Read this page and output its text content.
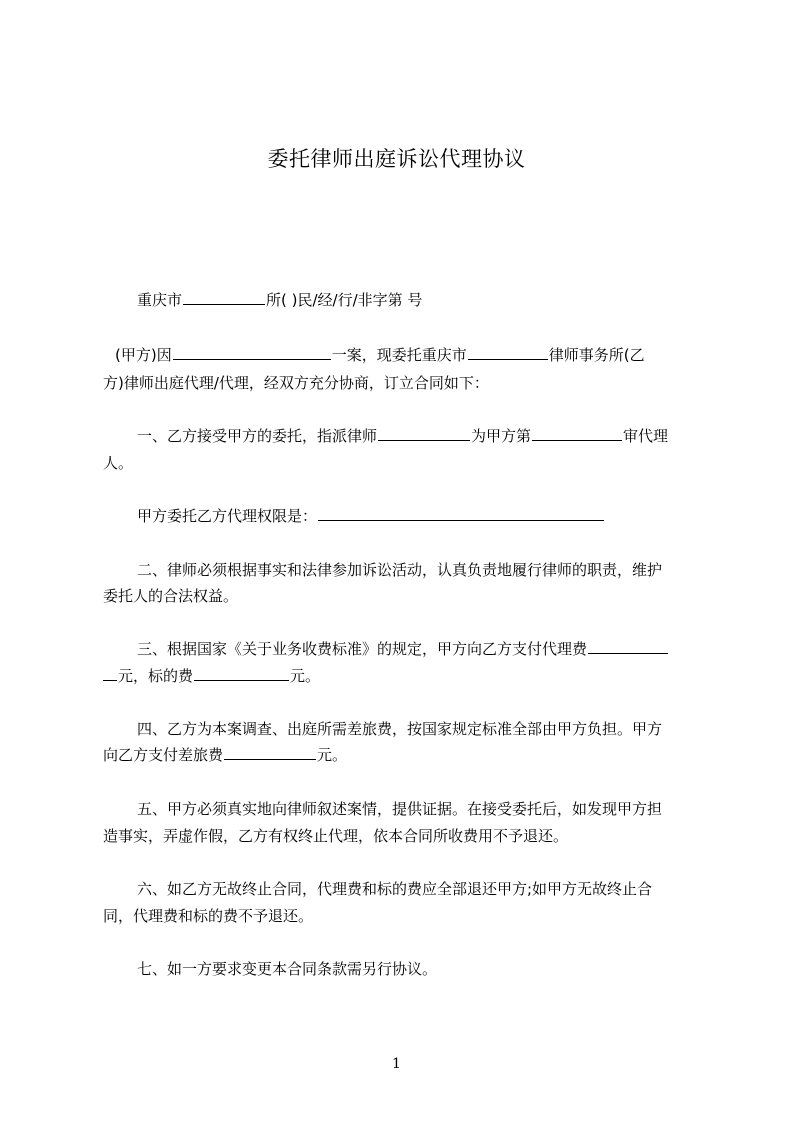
委托律师出庭诉讼代理协议
重庆市	所( )民/经/行/非字第 号
(甲方)因	一案，现委托重庆市	律师事务所(乙
方)律师出庭代理/代理，经双方充分协商，订立合同如下：
一、乙方接受甲方的委托，指派律师	为甲方第	审代理
人。
甲方委托乙方代理权限是：
二、律师必须根据事实和法律参加诉讼活动，认真负责地履行律师的职责，维护
委托人的合法权益。
三、根据国家《关于业务收费标准》的规定，甲方向乙方支付代理费
元，标的费	元。
四、乙方为本案调查、出庭所需差旅费，按国家规定标准全部由甲方负担。甲方
向乙方支付差旅费	元。
五、甲方必须真实地向律师叙述案情，提供证据。在接受委托后，如发现甲方担
造事实，弄虚作假，乙方有权终止代理，依本合同所收费用不予退还。
六、如乙方无故终止合同，代理费和标的费应全部退还甲方;如甲方无故终止合
同，代理费和标的费不予退还。
七、如一方要求变更本合同条款需另行协议。
1
